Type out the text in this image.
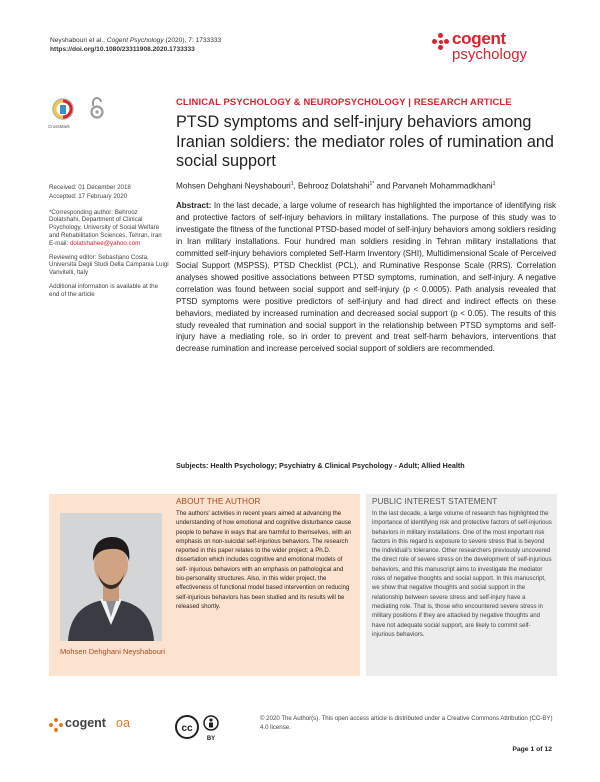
Neyshabouri et al., Cogent Psychology (2020), 7: 1733333
https://doi.org/10.1080/23311908.2020.1733333
cogent
psychology
CrossMark
CLINICAL PSYCHOLOGY & NEUROPSYCHOLOGY | RESEARCH ARTICLE
PTSD symptoms and self-injury behaviors among Iranian soldiers: the mediator roles of rumination and social support
Mohsen Dehghani Neyshabouri$^1$, Behrooz Dolatshahi$^{1*}$ and Parvaneh Mohammadkhani$^1$

Received: 01 December 2018

Accepted: 17 February 2020

*Corresponding author: Behrooz Dolatshahi, Department of Clinical Psychology, University of Social Welfare and Rehabilitation Sciences, Tehran, Iran

E-mail: dolatshahee@yahoo.com

Reviewing editor: Sebastiano Costa, Universita Degli Studi Della Campania Luigi Vanvitelli, Italy

Additional information is available at the end of the article

Abstract: In the last decade, a large volume of research has highlighted the importance of identifying risk and protective factors of self-injury behaviors in military installations. The purpose of this study was to investigate the fitness of the functional PTSD-based model of self-injury behaviors among soldiers residing in Iran military installations. Four hundred man soldiers residing in Tehran military installations that committed self-injury behaviors completed Self-Harm Inventory (SHI), Multidimensional Scale of Perceived Social Support (MSPSS), PTSD Checklist (PCL), and Ruminative Response Scale (RRS). Correlation analyses showed positive associations between PTSD symptoms, rumination, and self-injury. A negative correlation was found between social support and self-injury (p < 0.0005). Path analysis revealed that PTSD symptoms were positive predictors of self-injury and had direct and indirect effects on these behaviors, mediated by increased rumination and decreased social support (p < 0.05). The results of this study revealed that rumination and social support in the relationship between PTSD symptoms and self-injury have a mediating role, so in order to prevent and treat self-harm behaviors, interventions that decrease rumination and increase perceived social support of soldiers are recommended.
Subjects: Health Psychology; Psychiatry & Clinical Psychology - Adult; Allied Health
Mohsen Dehghani Neyshabouri
ABOUT THE AUTHOR
The authors' activities in recent years aimed at advancing the understanding of how emotional and cognitive disturbance cause people to behave in ways that are harmful to themselves, with an emphasis on non-suicidal self-injurious behaviors. The research reported in this paper relates to the wider project; a Ph.D. dissertation which includes cognitive and emotional models of self- injurious behaviors with an emphasis on pathological and bio-personality structures. Also, in this wider project, the effectiveness of functional model based intervention on reducing self-injurious behaviors has been studied and its results will be released shortly.
PUBLIC INTEREST STATEMENT
In the last decade, a large volume of research has highlighted the importance of identifying risk and protective factors of self-injurious behaviors in military installations. One of the most important risk factors in this regard is exposure to severe stress that is beyond the individual's tolerance. Other researchers previously uncovered the direct role of severe stress on the development of self-injurious behaviors, and this manuscript aims to investigate the mediator roles of negative thoughts and social support. In this manuscript, we show that negative thoughts and social support in the relationship between severe stress and self-injury have a mediating role. That is, those who encountered severe stress in military positions if they are attacked by negative thoughts and have not adequate social support, are likely to commit self-injurious behaviors.
cogent oa	cc
BY
© 2020 The Author(s). This open access article is distributed under a Creative Commons Attribution (CC-BY) 4.0 license.
Page 1 of 12
